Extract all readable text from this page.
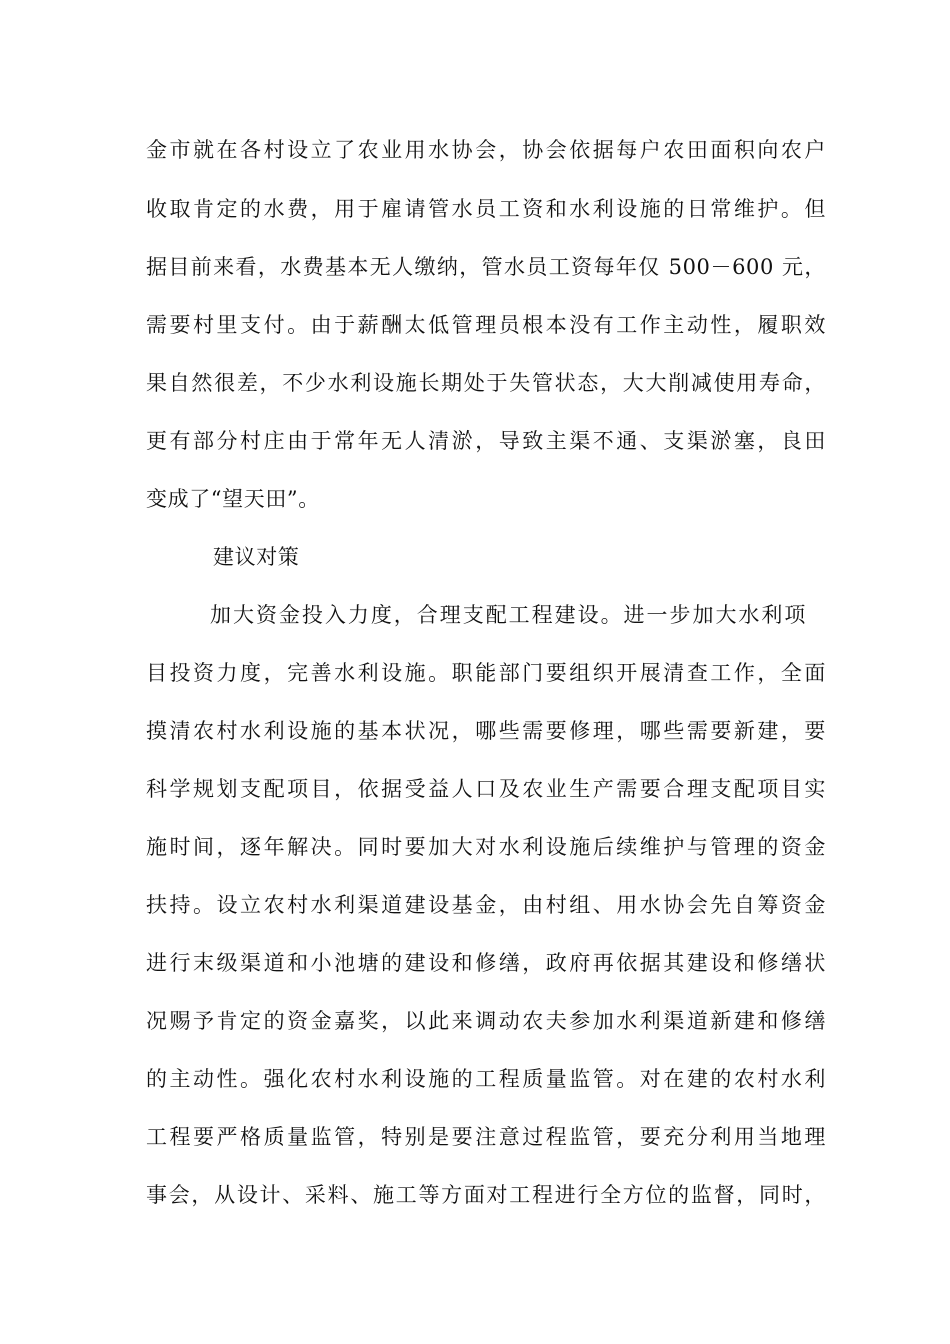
金市就在各村设立了农业用水协会，协会依据每户农田面积向农户
收取肯定的水费，用于雇请管水员工资和水利设施的日常维护。但
据目前来看，水费基本无人缴纳，管水员工资每年仅 500－600 元，
需要村里支付。由于薪酬太低管理员根本没有工作主动性，履职效
果自然很差，不少水利设施长期处于失管状态，大大削减使用寿命，
更有部分村庄由于常年无人清淤，导致主渠不通、支渠淤塞，良田
变成了“望天田”。
建议对策
加大资金投入力度，合理支配工程建设。进一步加大水利项
目投资力度，完善水利设施。职能部门要组织开展清查工作，全面
摸清农村水利设施的基本状况，哪些需要修理，哪些需要新建，要
科学规划支配项目，依据受益人口及农业生产需要合理支配项目实
施时间，逐年解决。同时要加大对水利设施后续维护与管理的资金
扶持。设立农村水利渠道建设基金，由村组、用水协会先自筹资金
进行末级渠道和小池塘的建设和修缮，政府再依据其建设和修缮状
况赐予肯定的资金嘉奖，以此来调动农夫参加水利渠道新建和修缮
的主动性。强化农村水利设施的工程质量监管。对在建的农村水利
工程要严格质量监管，特别是要注意过程监管，要充分利用当地理
事会，从设计、采料、施工等方面对工程进行全方位的监督，同时，
